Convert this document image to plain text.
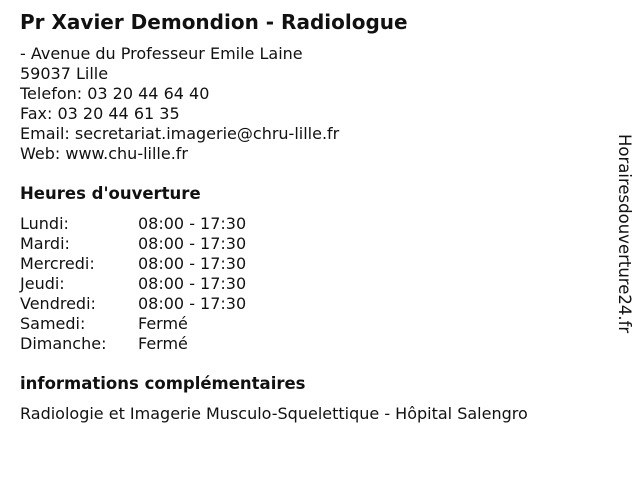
Pr Xavier Demondion - Radiologue
- Avenue du Professeur Emile Laine
59037 Lille
Telefon: 03 20 44 64 40
Fax: 03 20 44 61 35
Email: secretariat.imagerie@chru-lille.fr
Web: www.chu-lille.fr
Heures d'ouverture
Lundi:	08:00 - 17:30
Mardi:	08:00 - 17:30
Mercredi:	08:00 - 17:30
Jeudi:	08:00 - 17:30
Vendredi:	08:00 - 17:30
Samedi:	Fermé
Dimanche: Fermé
informations complémentaires
Radiologie et Imagerie Musculo-Squelettique - Hôpital Salengro
Horairesdouverture24.fr
